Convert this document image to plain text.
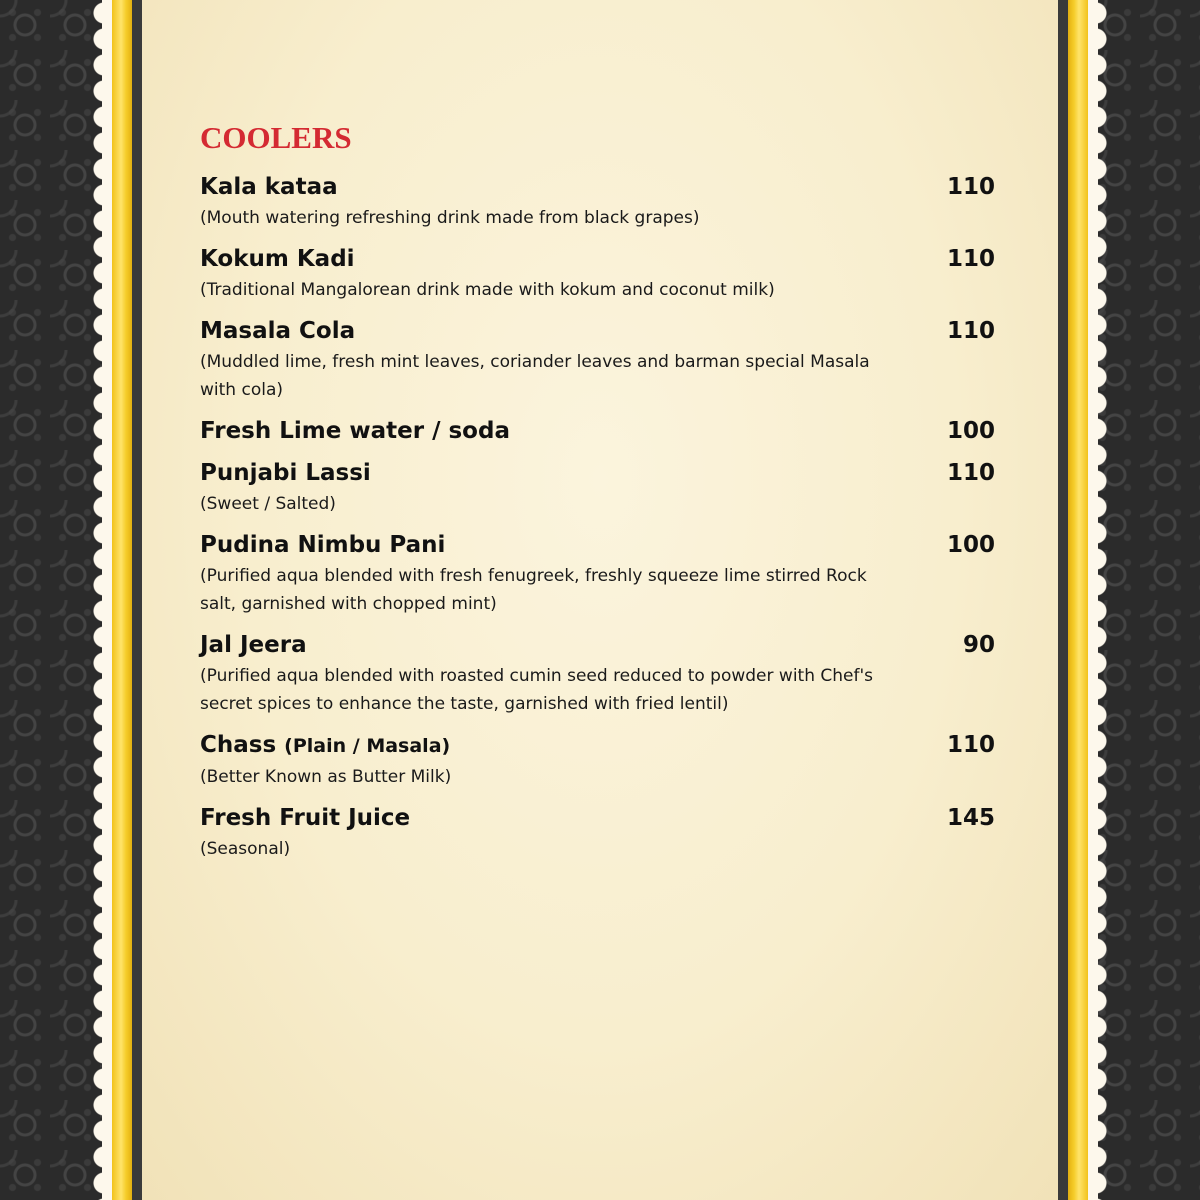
COOLERS
Kala kataa	110
(Mouth watering refreshing drink made from black grapes)
Kokum Kadi	110
(Traditional Mangalorean drink made with kokum and coconut milk)
Masala Cola	110
(Muddled lime, fresh mint leaves, coriander leaves and barman special Masala with cola)
Fresh Lime water / soda	100
Punjabi Lassi	110
(Sweet / Salted)
Pudina Nimbu Pani	100
(Purified aqua blended with fresh fenugreek, freshly squeeze lime stirred Rock salt, garnished with chopped mint)
Jal Jeera	90
(Purified aqua blended with roasted cumin seed reduced to powder with Chef's secret spices to enhance the taste, garnished with fried lentil)
Chass (Plain / Masala)	110
(Better Known as Butter Milk)
Fresh Fruit Juice	145
(Seasonal)
